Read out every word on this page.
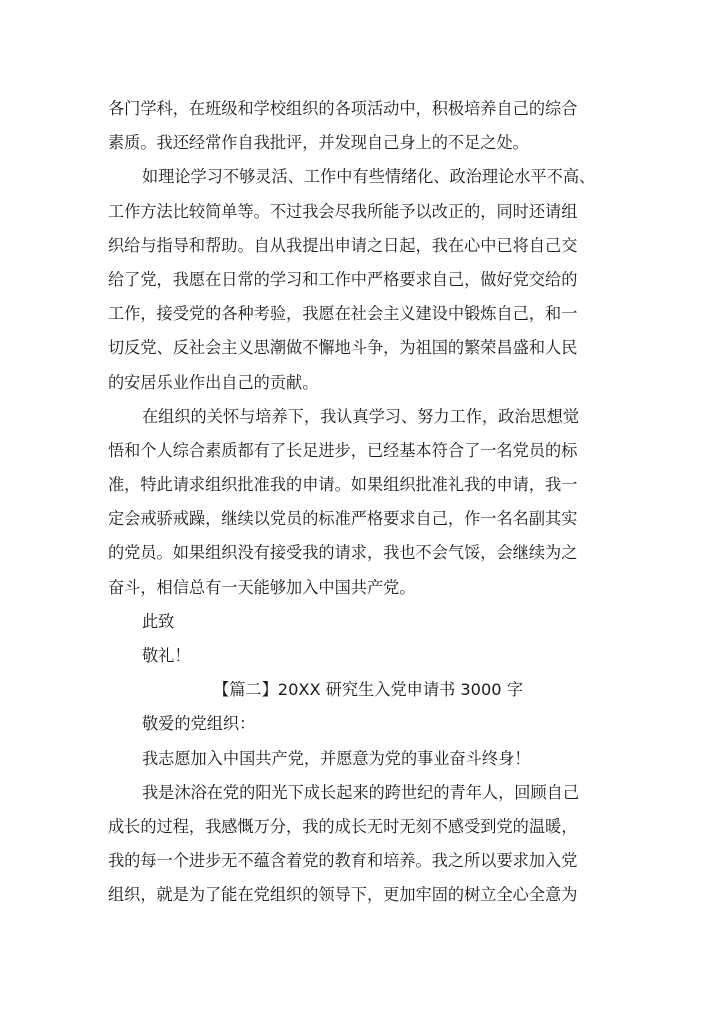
各门学科，在班级和学校组织的各项活动中，积极培养自己的综合
素质。我还经常作自我批评，并发现自己身上的不足之处。
如理论学习不够灵活、工作中有些情绪化、政治理论水平不高、
工作方法比较简单等。不过我会尽我所能予以改正的，同时还请组
织给与指导和帮助。自从我提出申请之日起，我在心中已将自己交
给了党，我愿在日常的学习和工作中严格要求自己，做好党交给的
工作，接受党的各种考验，我愿在社会主义建设中锻炼自己，和一
切反党、反社会主义思潮做不懈地斗争，为祖国的繁荣昌盛和人民
的安居乐业作出自己的贡献。
在组织的关怀与培养下，我认真学习、努力工作，政治思想觉
悟和个人综合素质都有了长足进步，已经基本符合了一名党员的标
准，特此请求组织批准我的申请。如果组织批准礼我的申请，我一
定会戒骄戒躁，继续以党员的标准严格要求自己，作一名名副其实
的党员。如果组织没有接受我的请求，我也不会气馁，会继续为之
奋斗，相信总有一天能够加入中国共产党。
此致
敬礼！
【篇二】20XX 研究生入党申请书 3000 字
敬爱的党组织：
我志愿加入中国共产党，并愿意为党的事业奋斗终身！
我是沐浴在党的阳光下成长起来的跨世纪的青年人，回顾自己
成长的过程，我感慨万分，我的成长无时无刻不感受到党的温暖，
我的每一个进步无不蕴含着党的教育和培养。我之所以要求加入党
组织，就是为了能在党组织的领导下，更加牢固的树立全心全意为
